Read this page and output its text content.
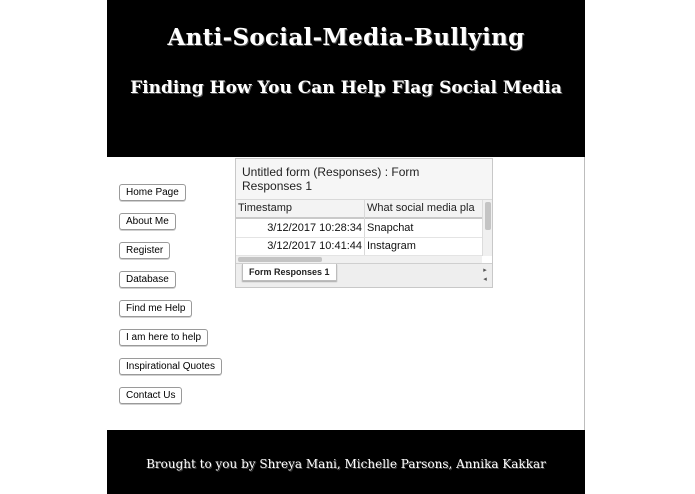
Anti-Social-Media-Bullying
Finding How You Can Help Flag Social Media
Home Page
About Me
Register
Database
Find me Help
I am here to help
Inspirational Quotes
Contact Us
Untitled form (Responses) : Form Responses 1
Timestamp	What social media pla
3/12/2017 10:28:34 Snapchat
3/12/2017 10:41:44 Instagram
Form Responses 1	▸
◂
Brought to you by Shreya Mani, Michelle Parsons, Annika Kakkar
